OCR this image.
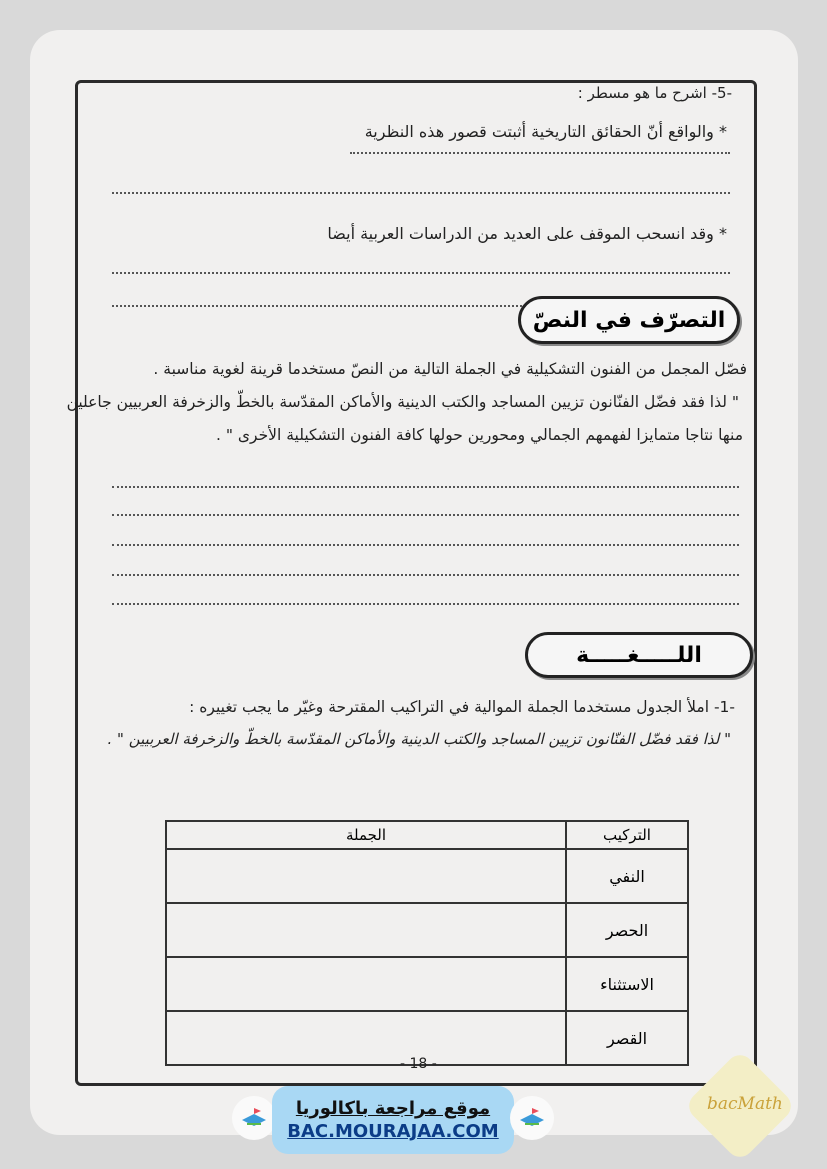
-5- اشرح ما هو مسطر :
* والواقع أنّ الحقائق التاريخية أثبتت قصور هذه النظرية
* وقد انسحب الموقف على العديد من الدراسات العربية أيضا
التصرّف في النصّ
فصّل المجمل من الفنون التشكيلية في الجملة التالية من النصّ مستخدما قرينة لغوية مناسبة .
" لذا فقد فضّل الفنّانون تزيين المساجد والكتب الدينية والأماكن المقدّسة بالخطّ والزخرفة العربيين جاعلين
منها نتاجا متمايزا لفهمهم الجمالي ومحورين حولها كافة الفنون التشكيلية الأخرى " .
اللـــــغـــــة
-1- املأ الجدول مستخدما الجملة الموالية في التراكيب المقترحة وغيّر ما يجب تغييره :
" لذا فقد فضّل الفنّانون تزيين المساجد والكتب الدينية والأماكن المقدّسة بالخطّ والزخرفة العربيين " .
التركيب	الجملة
النفي	
الحصر	
الاستثناء	
القصر	
- 18 -
موقع مراجعة باكالوريا
BAC.MOURAJAA.COM
bacMath
